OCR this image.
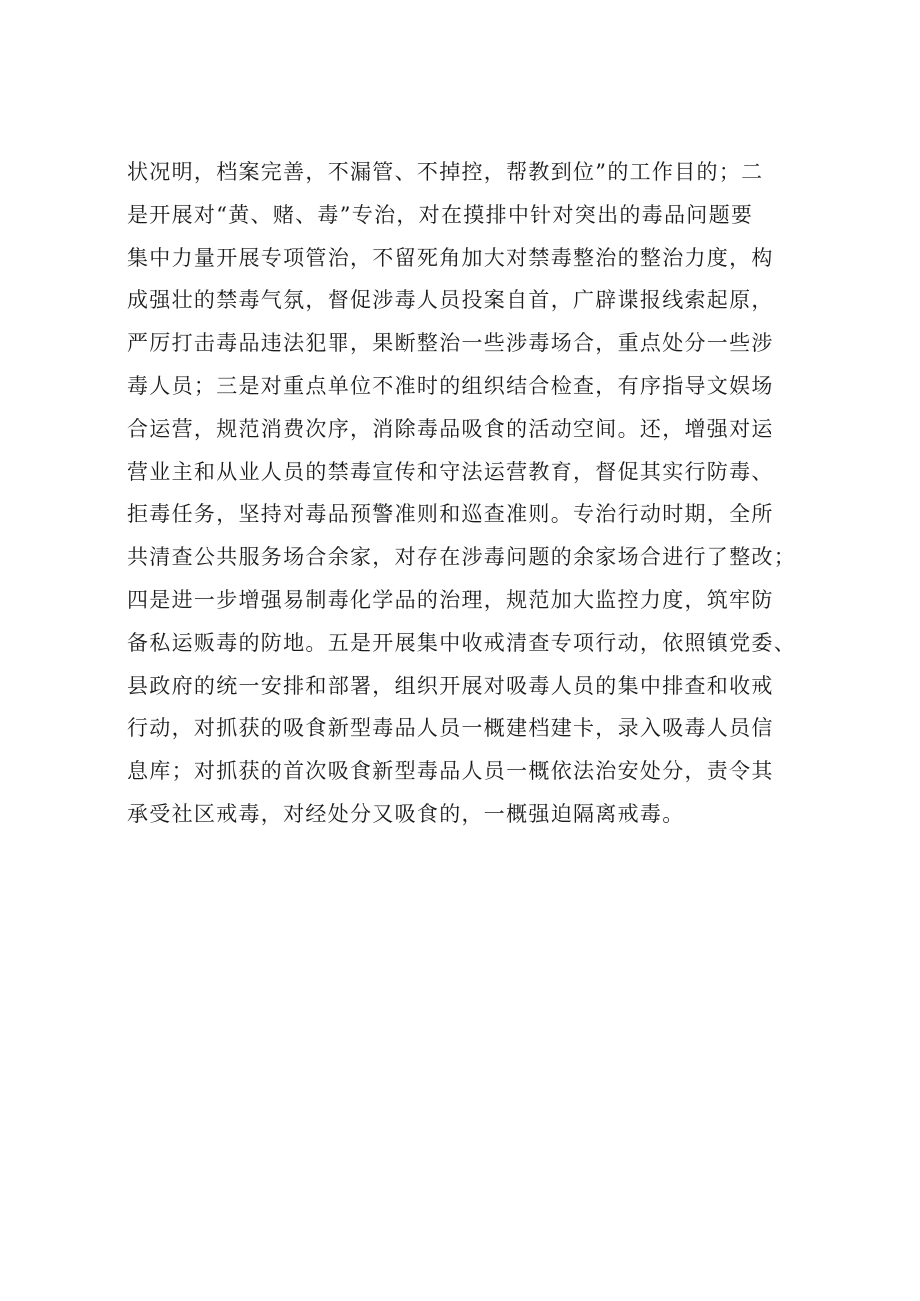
状况明，档案完善，不漏管、不掉控，帮教到位”的工作目的；二
是开展对“黄、赌、毒”专治，对在摸排中针对突出的毒品问题要
集中力量开展专项管治，不留死角加大对禁毒整治的整治力度，构
成强壮的禁毒气氛，督促涉毒人员投案自首，广辟谍报线索起原，
严厉打击毒品违法犯罪，果断整治一些涉毒场合，重点处分一些涉
毒人员；三是对重点单位不准时的组织结合检查，有序指导文娱场
合运营，规范消费次序，消除毒品吸食的活动空间。还，增强对运
营业主和从业人员的禁毒宣传和守法运营教育，督促其实行防毒、
拒毒任务，坚持对毒品预警准则和巡查准则。专治行动时期，全所
共清查公共服务场合余家，对存在涉毒问题的余家场合进行了整改；
四是进一步增强易制毒化学品的治理，规范加大监控力度，筑牢防
备私运贩毒的防地。五是开展集中收戒清查专项行动，依照镇党委、
县政府的统一安排和部署，组织开展对吸毒人员的集中排查和收戒
行动，对抓获的吸食新型毒品人员一概建档建卡，录入吸毒人员信
息库；对抓获的首次吸食新型毒品人员一概依法治安处分，责令其
承受社区戒毒，对经处分又吸食的，一概强迫隔离戒毒。
